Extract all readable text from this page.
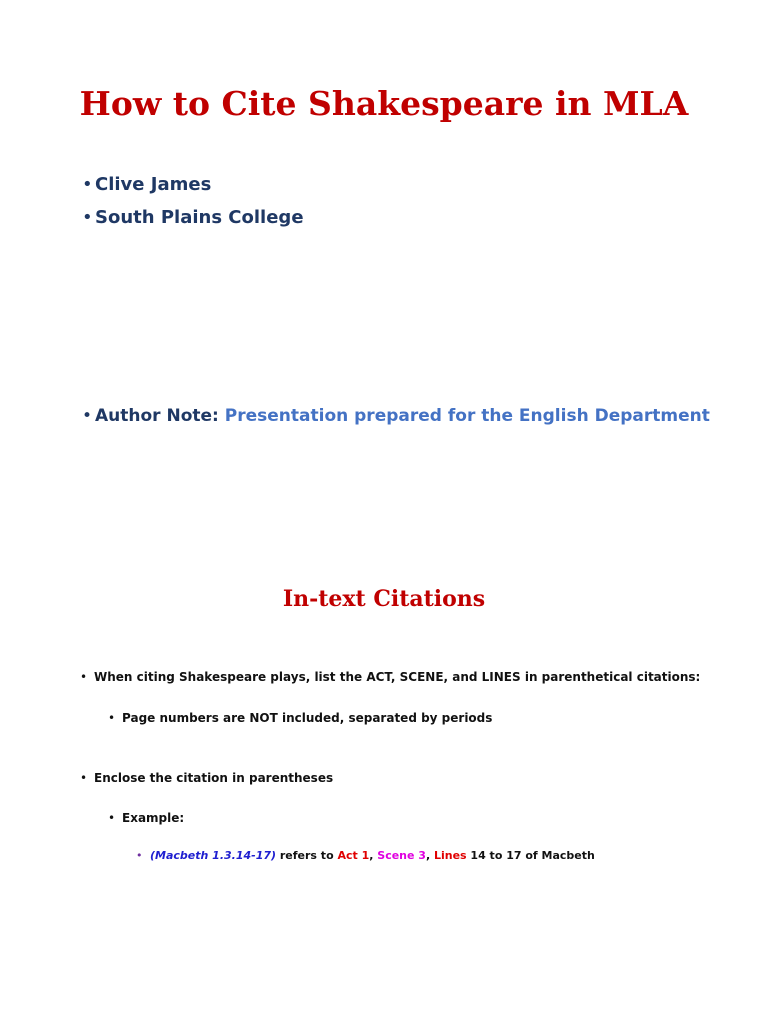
How to Cite Shakespeare in MLA
• Clive James
• South Plains College
• Author Note: Presentation prepared for the English Department
In-text Citations
• When citing Shakespeare plays, list the ACT, SCENE, and LINES in parenthetical citations:
• Page numbers are NOT included, separated by periods
• Enclose the citation in parentheses
• Example:
• (Macbeth 1.3.14-17) refers to Act 1, Scene 3, Lines 14 to 17 of Macbeth
